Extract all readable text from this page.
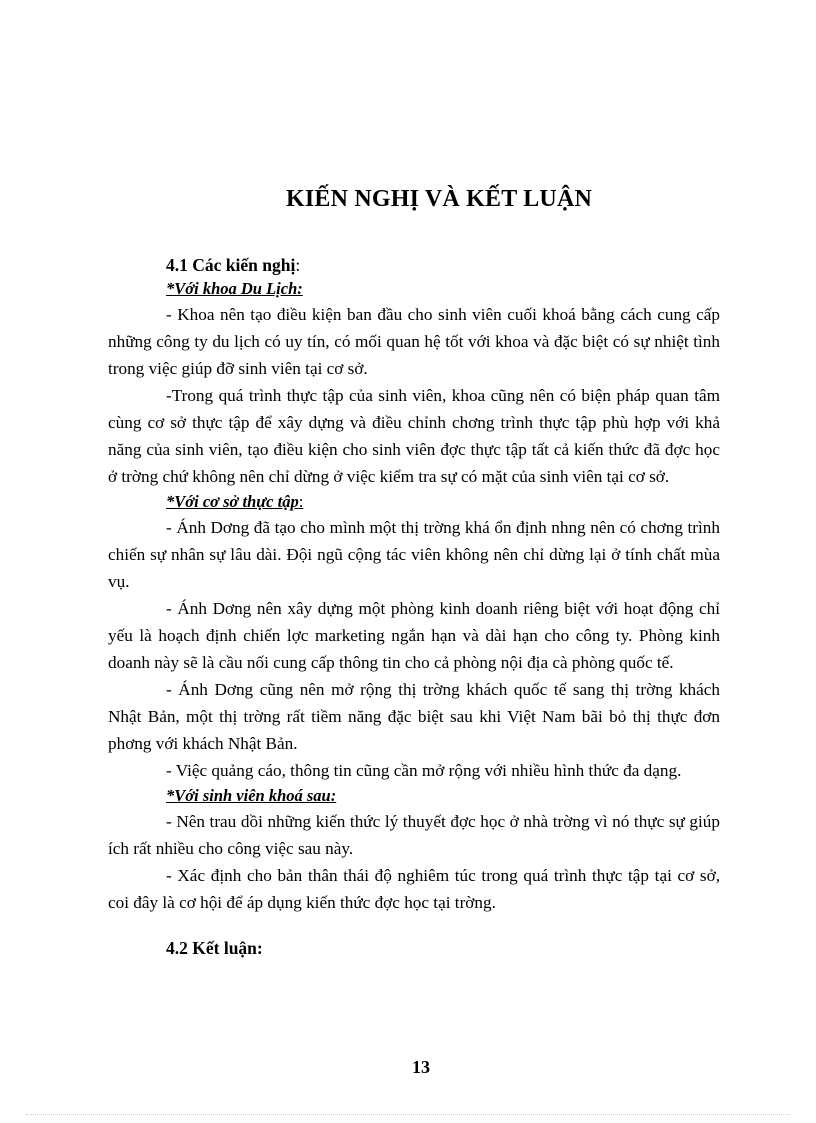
KIẾN NGHỊ VÀ KẾT LUẬN
4.1 Các kiến nghị:
*Với khoa Du Lịch:

- Khoa nên tạo điều kiện ban đầu cho sinh viên cuối khoá bằng cách cung cấp những công ty du lịch có uy tín, có mối quan hệ tốt với khoa và đặc biệt có sự nhiệt tình trong việc giúp đỡ sinh viên tại cơ sở.

-Trong quá trình thực tập của sinh viên, khoa cũng nên có biện pháp quan tâm cùng cơ sở thực tập để xây dựng và điều chỉnh chơng trình thực tập phù hợp với khả năng của sinh viên, tạo điều kiện cho sinh viên đợc thực tập tất cả kiến thức đã đợc học ở trờng chứ không nên chỉ dừng ở việc kiểm tra sự có mặt của sinh viên tại cơ sở.

*Với cơ sở thực tập:

- Ánh Dơng đã tạo cho mình một thị trờng khá ổn định nhng nên có chơng trình chiến sự nhân sự lâu dài. Đội ngũ cộng tác viên không nên chỉ dừng lại ở tính chất mùa vụ.

- Ánh Dơng nên xây dựng một phòng kinh doanh riêng biệt với hoạt động chỉ yếu là hoạch định chiến lợc marketing ngắn hạn và dài hạn cho công ty. Phòng kinh doanh này sẽ là cầu nối cung cấp thông tin cho cả phòng nội địa cà phòng quốc tế.

- Ánh Dơng cũng nên mở rộng thị trờng khách quốc tế sang thị trờng khách Nhật Bản, một thị trờng rất tiềm năng đặc biệt sau khi Việt Nam bãi bỏ thị thực đơn phơng với khách Nhật Bản.

- Việc quảng cáo, thông tin cũng cần mở rộng với nhiều hình thức đa dạng.

*Với sinh viên khoá sau:

- Nên trau dồi những kiến thức lý thuyết đợc học ở nhà trờng vì nó thực sự giúp ích rất nhiều cho công việc sau này.

- Xác định cho bản thân thái độ nghiêm túc trong quá trình thực tập tại cơ sở, coi đây là cơ hội để áp dụng kiến thức đợc học tại trờng.

4.2 Kết luận:
13
